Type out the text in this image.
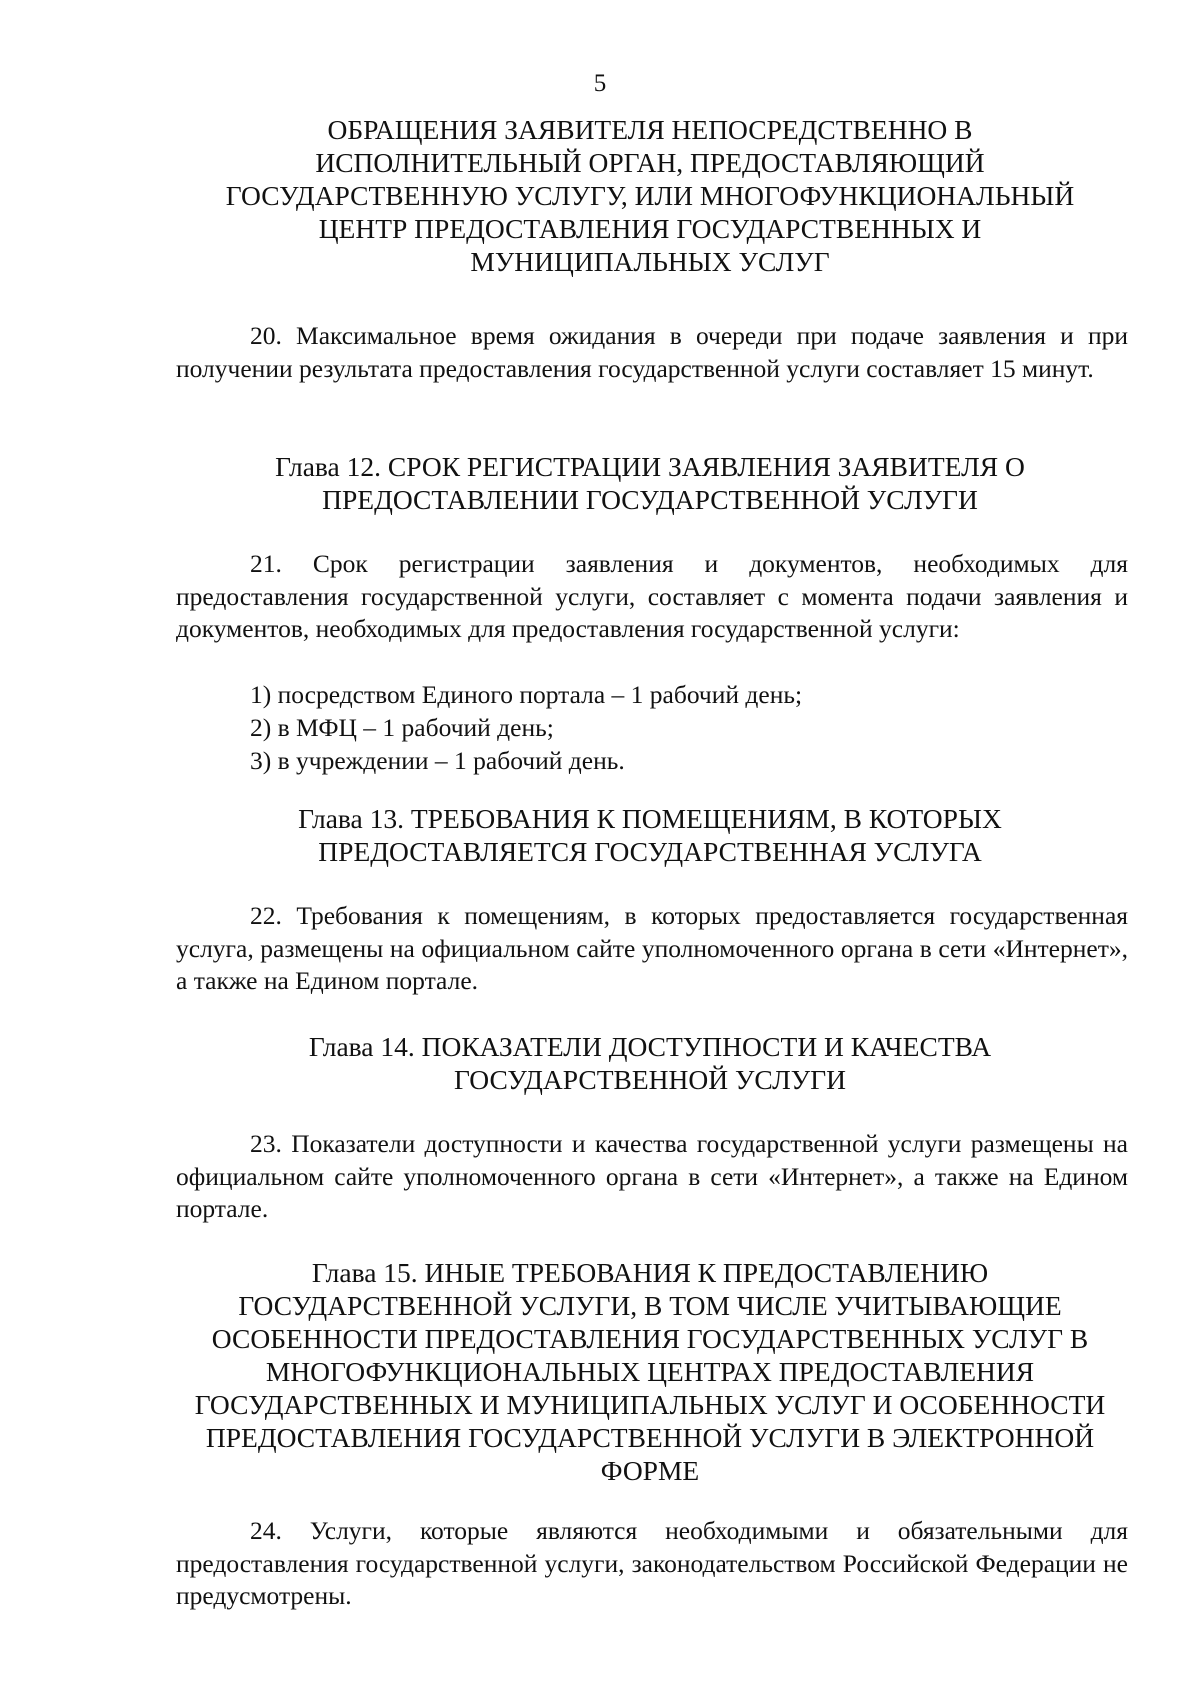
5
ОБРАЩЕНИЯ ЗАЯВИТЕЛЯ НЕПОСРЕДСТВЕННО В
ИСПОЛНИТЕЛЬНЫЙ ОРГАН, ПРЕДОСТАВЛЯЮЩИЙ
ГОСУДАРСТВЕННУЮ УСЛУГУ, ИЛИ МНОГОФУНКЦИОНАЛЬНЫЙ
ЦЕНТР ПРЕДОСТАВЛЕНИЯ ГОСУДАРСТВЕННЫХ И
МУНИЦИПАЛЬНЫХ УСЛУГ

20. Максимальное время ожидания в очереди при подаче заявления и при получении результата предоставления государственной услуги составляет 15 минут.

Глава 12. СРОК РЕГИСТРАЦИИ ЗАЯВЛЕНИЯ ЗАЯВИТЕЛЯ О
ПРЕДОСТАВЛЕНИИ ГОСУДАРСТВЕННОЙ УСЛУГИ

21. Срок регистрации заявления и документов, необходимых для предоставления государственной услуги, составляет с момента подачи заявления и документов, необходимых для предоставления государственной услуги:

1) посредством Единого портала – 1 рабочий день;
2) в МФЦ – 1 рабочий день;
3) в учреждении – 1 рабочий день.
Глава 13. ТРЕБОВАНИЯ К ПОМЕЩЕНИЯМ, В КОТОРЫХ
ПРЕДОСТАВЛЯЕТСЯ ГОСУДАРСТВЕННАЯ УСЛУГА

22. Требования к помещениям, в которых предоставляется государственная услуга, размещены на официальном сайте уполномоченного органа в сети «Интернет», а также на Едином портале.

Глава 14. ПОКАЗАТЕЛИ ДОСТУПНОСТИ И КАЧЕСТВА
ГОСУДАРСТВЕННОЙ УСЛУГИ

23. Показатели доступности и качества государственной услуги размещены на официальном сайте уполномоченного органа в сети «Интернет», а также на Едином портале.

Глава 15. ИНЫЕ ТРЕБОВАНИЯ К ПРЕДОСТАВЛЕНИЮ
ГОСУДАРСТВЕННОЙ УСЛУГИ, В ТОМ ЧИСЛЕ УЧИТЫВАЮЩИЕ
ОСОБЕННОСТИ ПРЕДОСТАВЛЕНИЯ ГОСУДАРСТВЕННЫХ УСЛУГ В
МНОГОФУНКЦИОНАЛЬНЫХ ЦЕНТРАХ ПРЕДОСТАВЛЕНИЯ
ГОСУДАРСТВЕННЫХ И МУНИЦИПАЛЬНЫХ УСЛУГ И ОСОБЕННОСТИ
ПРЕДОСТАВЛЕНИЯ ГОСУДАРСТВЕННОЙ УСЛУГИ В ЭЛЕКТРОННОЙ
ФОРМЕ

24. Услуги, которые являются необходимыми и обязательными для предоставления государственной услуги, законодательством Российской Федерации не предусмотрены.
